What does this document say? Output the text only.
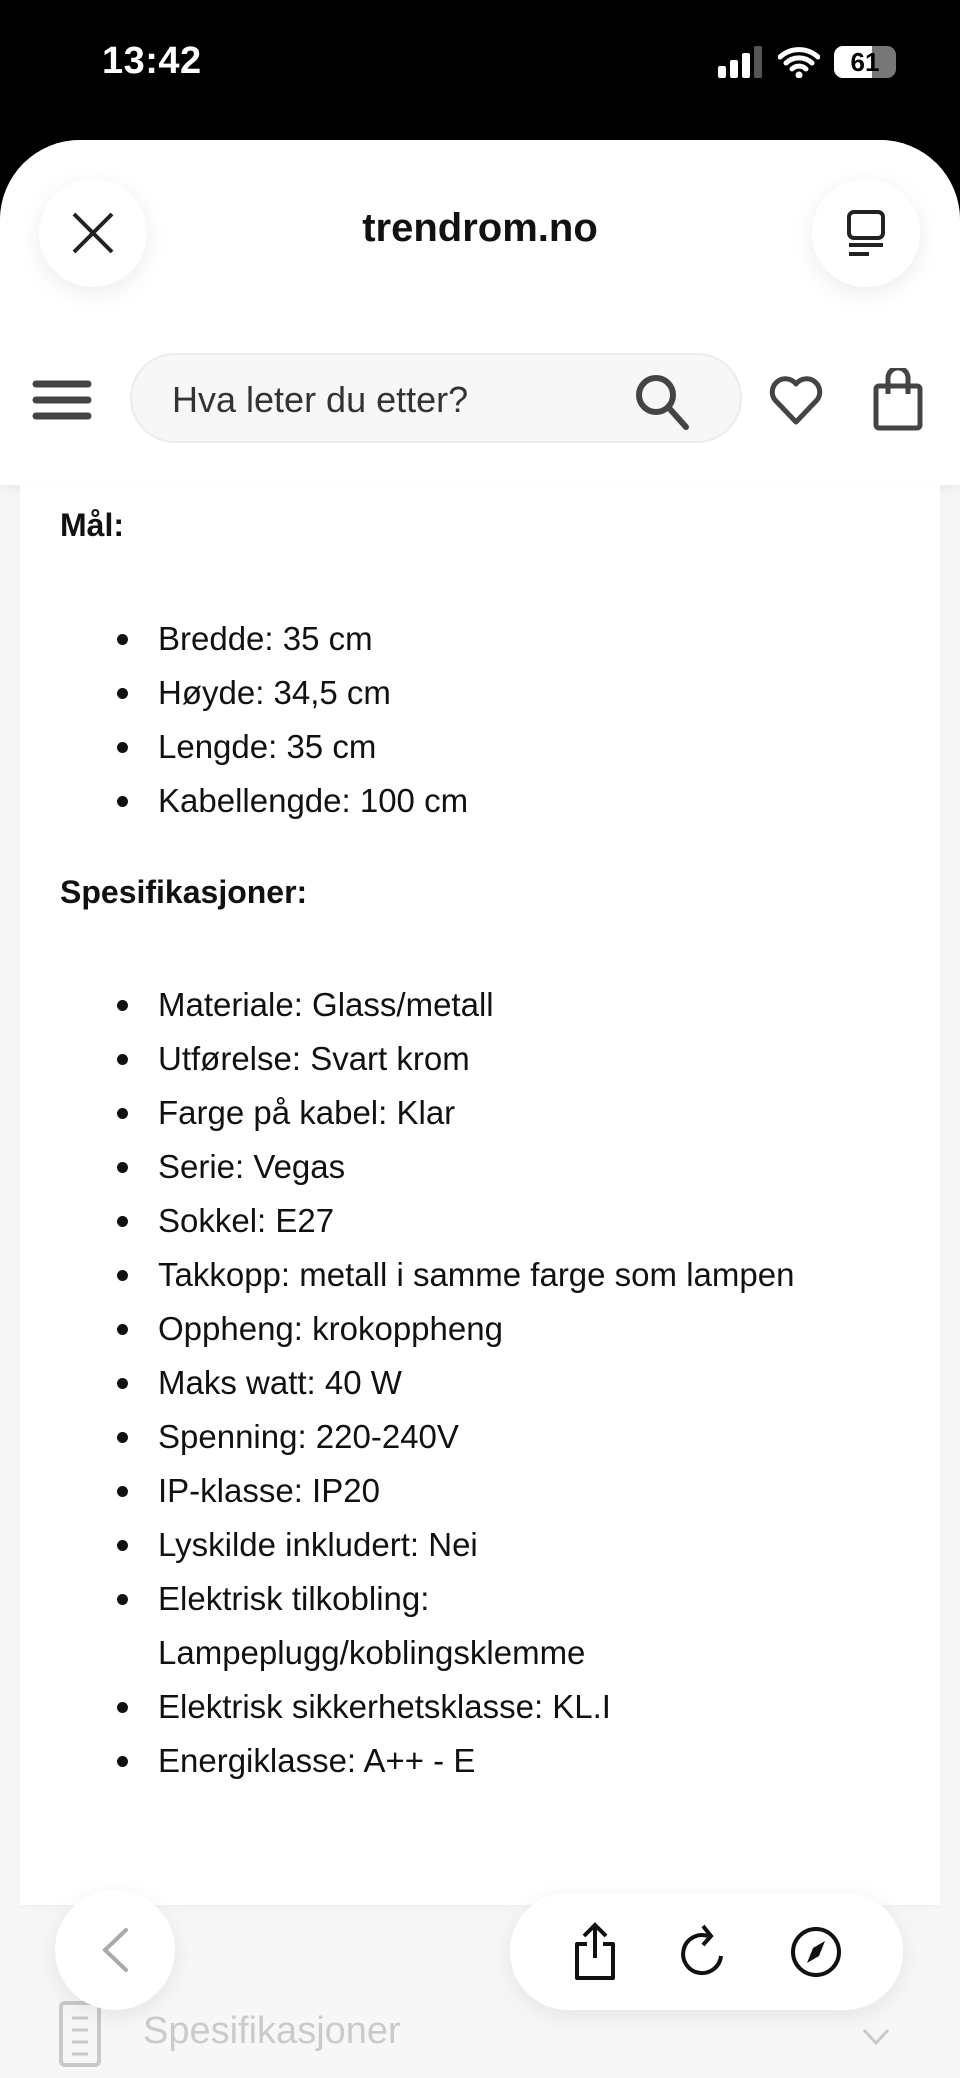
13:42	61
trendrom.no
Hva leter du etter?
Mål:
Bredde: 35 cm
Høyde: 34,5 cm
Lengde: 35 cm
Kabellengde: 100 cm
Spesifikasjoner:
Materiale: Glass/metall
Utførelse: Svart krom
Farge på kabel: Klar
Serie: Vegas
Sokkel: E27
Takkopp: metall i samme farge som lampen
Oppheng: krokoppheng
Maks watt: 40 W
Spenning: 220-240V
IP-klasse: IP20
Lyskilde inkludert: Nei
Elektrisk tilkobling:
Lampeplugg/koblingsklemme
Elektrisk sikkerhetsklasse: KL.I
Energiklasse: A++ - E
Spesifikasjoner
